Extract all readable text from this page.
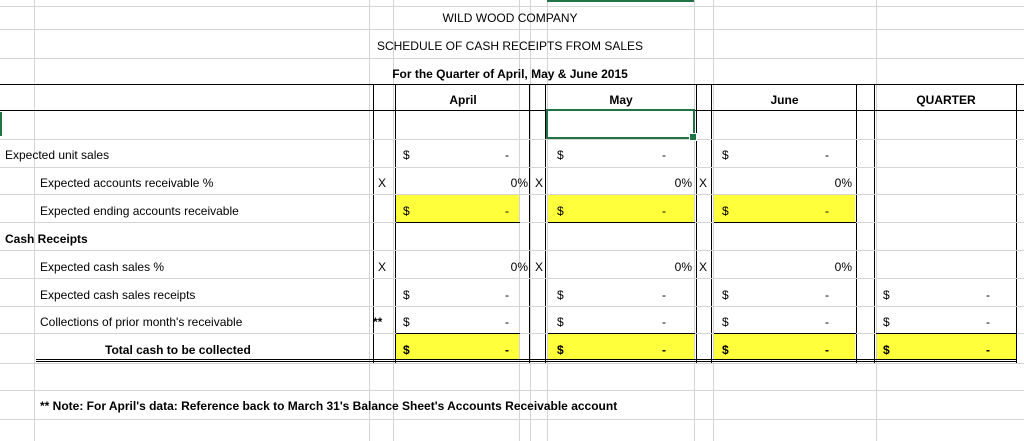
WILD WOOD COMPANY
SCHEDULE OF CASH RECEIPTS FROM SALES
For the Quarter of April, May & June 2015
April	May	June	QUARTER
Expected unit sales	$	-	$	-	$	-
Expected accounts receivable %	X	0% X	0% X	0%
Expected ending accounts receivable	$	-	$	-	$	-
Cash Receipts
Expected cash sales %	X	0% X	0% X	0%
Expected cash sales receipts	$	-	$	-	$	-	$	-
Collections of prior month's receivable	** $	-	$	-	$	-	$	-
Total cash to be collected	$	-	$	-	$	-	$	-
** Note: For April's data: Reference back to March 31's Balance Sheet's Accounts Receivable account
